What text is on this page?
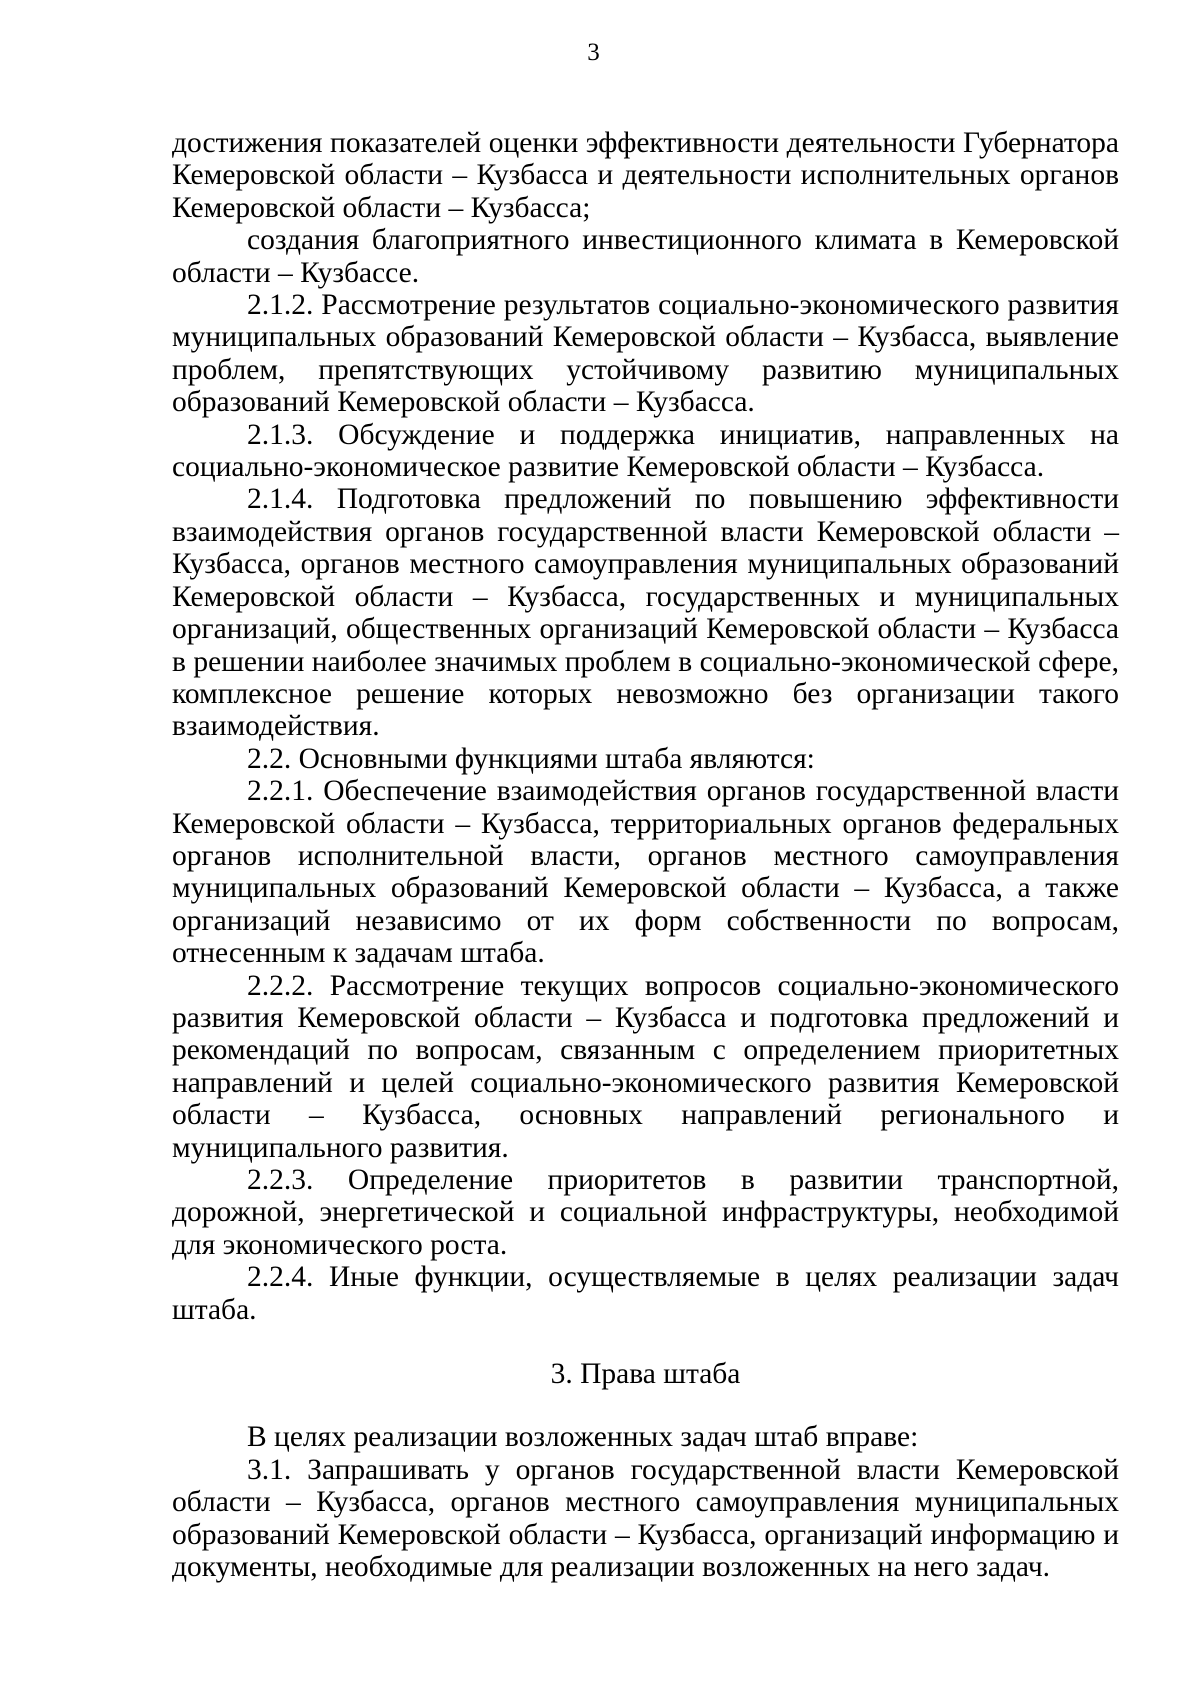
3

достижения показателей оценки эффективности деятельности Губернатора Кемеровской области – Кузбасса и деятельности исполнительных органов Кемеровской области – Кузбасса;

создания благоприятного инвестиционного климата в Кемеровской области – Кузбассе.

2.1.2. Рассмотрение результатов социально-экономического развития муниципальных образований Кемеровской области – Кузбасса, выявление проблем, препятствующих устойчивому развитию муниципальных образований Кемеровской области – Кузбасса.

2.1.3. Обсуждение и поддержка инициатив, направленных на социально-экономическое развитие Кемеровской области – Кузбасса.

2.1.4. Подготовка предложений по повышению эффективности взаимодействия органов государственной власти Кемеровской области – Кузбасса, органов местного самоуправления муниципальных образований Кемеровской области – Кузбасса, государственных и муниципальных организаций, общественных организаций Кемеровской области – Кузбасса в решении наиболее значимых проблем в социально-экономической сфере, комплексное решение которых невозможно без организации такого взаимодействия.

2.2. Основными функциями штаба являются:

2.2.1. Обеспечение взаимодействия органов государственной власти Кемеровской области – Кузбасса, территориальных органов федеральных органов исполнительной власти, органов местного самоуправления муниципальных образований Кемеровской области – Кузбасса, а также организаций независимо от их форм собственности по вопросам, отнесенным к задачам штаба.

2.2.2. Рассмотрение текущих вопросов социально-экономического развития Кемеровской области – Кузбасса и подготовка предложений и рекомендаций по вопросам, связанным с определением приоритетных направлений и целей социально-экономического развития Кемеровской области – Кузбасса, основных направлений регионального и муниципального развития.

2.2.3. Определение приоритетов в развитии транспортной, дорожной, энергетической и социальной инфраструктуры, необходимой для экономического роста.

2.2.4. Иные функции, осуществляемые в целях реализации задач штаба.

3. Права штаба

В целях реализации возложенных задач штаб вправе:

3.1. Запрашивать у органов государственной власти Кемеровской области – Кузбасса, органов местного самоуправления муниципальных образований Кемеровской области – Кузбасса, организаций информацию и документы, необходимые для реализации возложенных на него задач.
